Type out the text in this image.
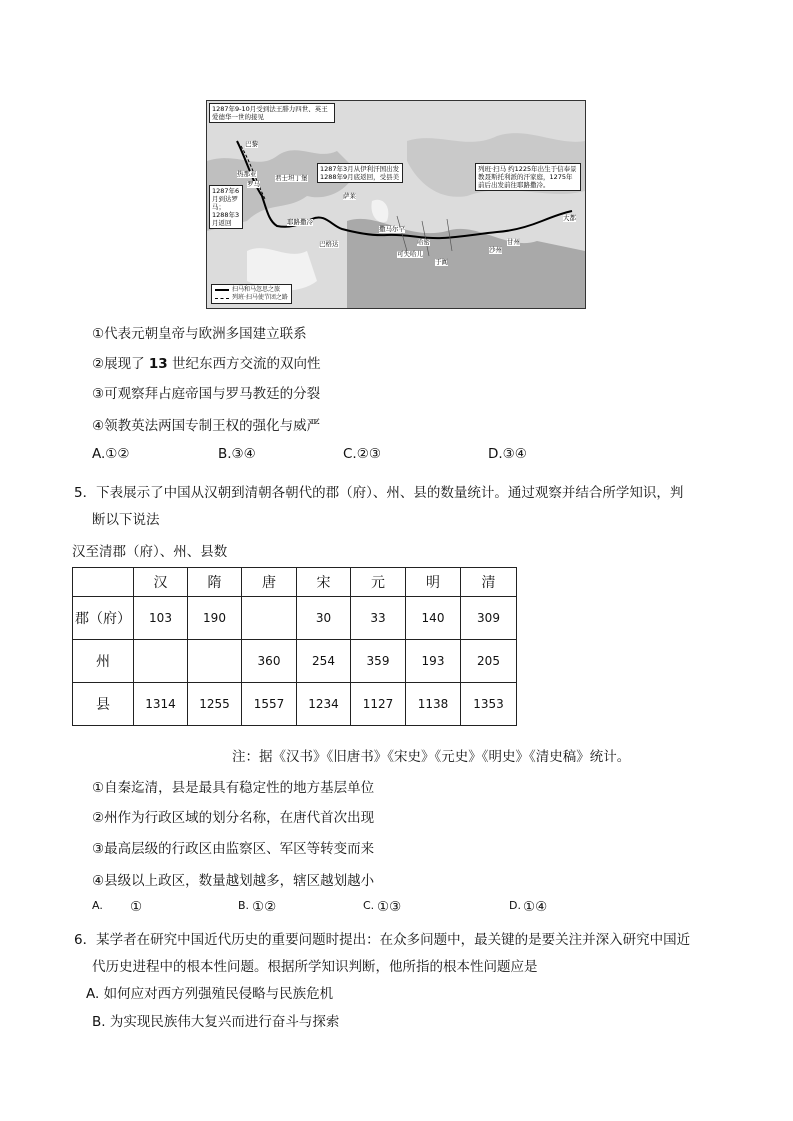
1287年9-10月受到法王腓力四世、英王爱德华一世的接见
1287年3月从伊利汗国出发1288年9月底返回，受县美
列班·扫马 约1225年出生于信奉景教聂斯托利派的汗家庭，1275年前后出发前往耶路撒冷。
1287年6月到达罗马；1288年3月返回
巴黎
热那亚
罗马
君士坦丁堡
耶路撒冷
巴格达
萨莱
撒马尔罕
哈密
大都
甘州
沙州
可失哈儿
于阗
扫马和马忽思之旅
列班·扫马使节团之路
①代表元朝皇帝与欧洲多国建立联系
②展现了 13 世纪东西方交流的双向性
③可观察拜占庭帝国与罗马教廷的分裂
④领教英法两国专制王权的强化与威严
A.①②	B.③④	C.②③	D.③④
5．下表展示了中国从汉朝到清朝各朝代的郡（府）、州、县的数量统计。通过观察并结合所学知识，判
断以下说法
汉至清郡（府）、州、县数
	汉	隋	唐	宋	元	明	清
郡（府）	103	190		30	33	140	309
州			360	254	359	193	205
县	1314	1255	1557	1234	1127	1138	1353
注：据《汉书》《旧唐书》《宋史》《元史》《明史》《清史稿》统计。
①自秦迄清，县是最具有稳定性的地方基层单位
②州作为行政区域的划分名称，在唐代首次出现
③最高层级的行政区由监察区、军区等转变而来
④县级以上政区，数量越划越多，辖区越划越小
A. ①	B. ①②	C. ①③	D. ①④
6．某学者在研究中国近代历史的重要问题时提出：在众多问题中，最关键的是要关注并深入研究中国近
代历史进程中的根本性问题。根据所学知识判断，他所指的根本性问题应是
A. 如何应对西方列强殖民侵略与民族危机
B. 为实现民族伟大复兴而进行奋斗与探索
